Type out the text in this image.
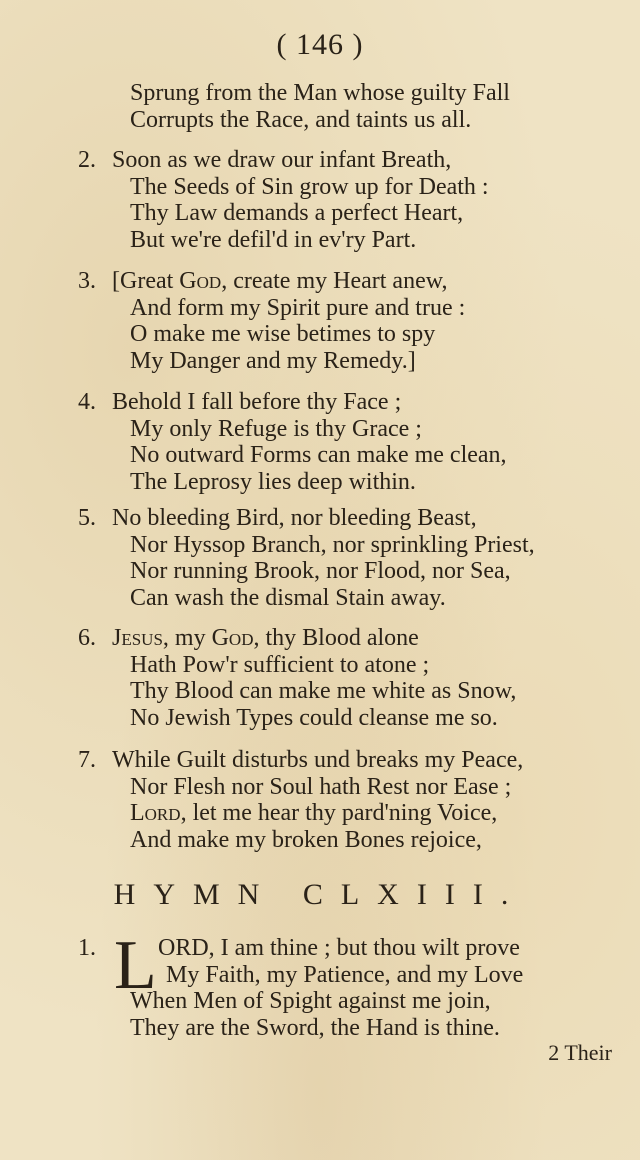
( 146 )
Sprung from the Man whose guilty Fall
Corrupts the Race, and taints us all.
2. Soon as we draw our infant Breath,
The Seeds of Sin grow up for Death :
Thy Law demands a perfect Heart,
But we're defil'd in ev'ry Part.
3. [Great God, create my Heart anew,
And form my Spirit pure and true :
O make me wise betimes to spy
My Danger and my Remedy.]
4. Behold I fall before thy Face ;
My only Refuge is thy Grace ;
No outward Forms can make me clean,
The Leprosy lies deep within.
5. No bleeding Bird, nor bleeding Beast,
Nor Hyssop Branch, nor sprinkling Priest,
Nor running Brook, nor Flood, nor Sea,
Can wash the dismal Stain away.
6. Jesus, my God, thy Blood alone
Hath Pow'r sufficient to atone ;
Thy Blood can make me white as Snow,
No Jewish Types could cleanse me so.
7. While Guilt disturbs und breaks my Peace,
Nor Flesh nor Soul hath Rest nor Ease ;
Lord, let me hear thy pard'ning Voice,
And make my broken Bones rejoice,
HYMN CLXIII.
1. L ORD, I am thine ; but thou wilt prove
My Faith, my Patience, and my Love
When Men of Spight against me join,
They are the Sword, the Hand is thine.
2 Their
